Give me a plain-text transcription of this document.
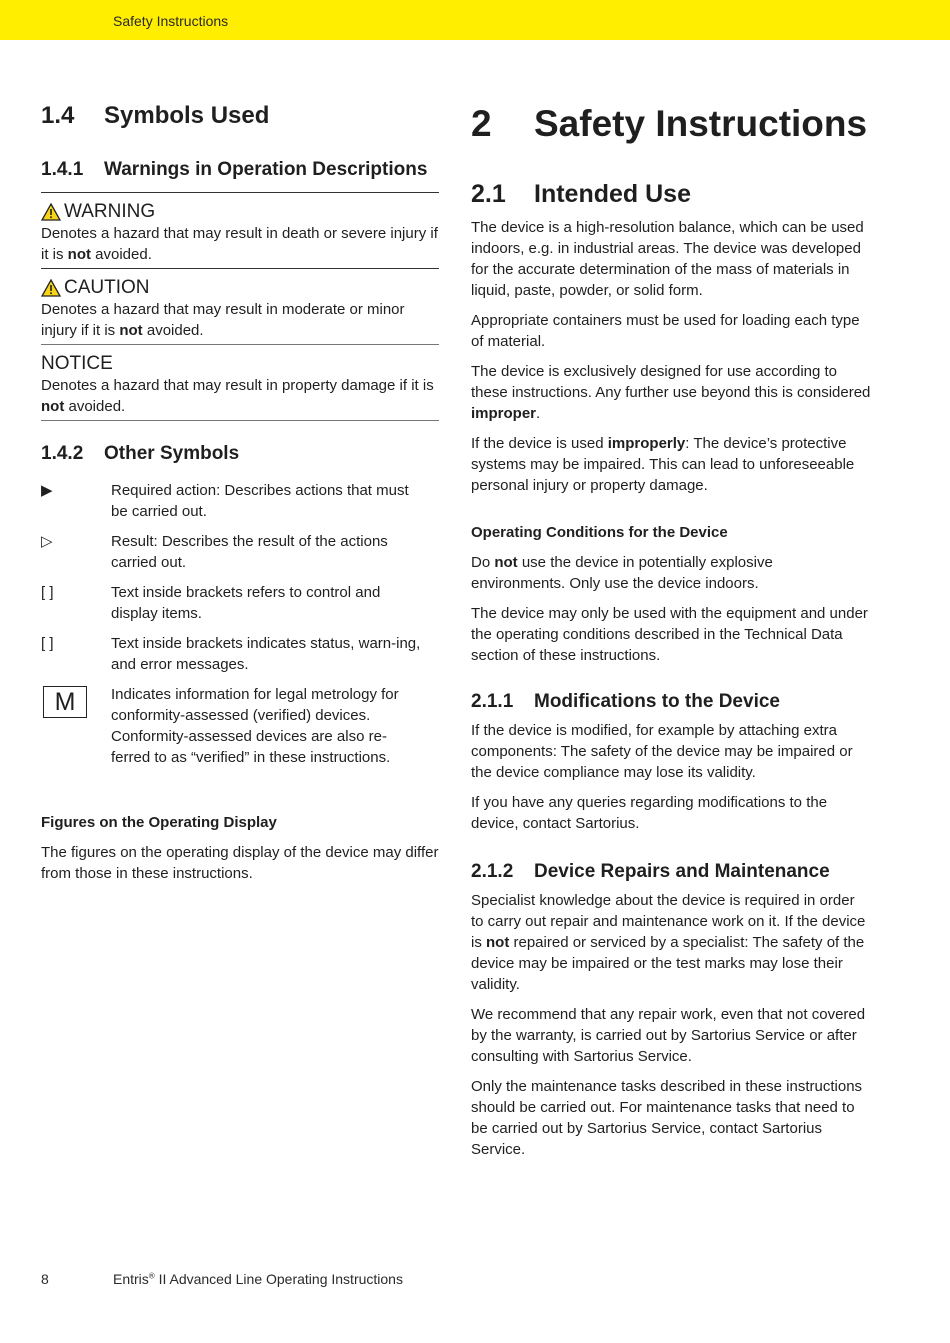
Safety Instructions
1.4 Symbols Used
1.4.1 Warnings in Operation Descriptions
WARNING

Denotes a hazard that may result in death or severe injury if it is not avoided.

CAUTION

Denotes a hazard that may result in moderate or minor injury if it is not avoided.

NOTICE

Denotes a hazard that may result in property damage if it is not avoided.

1.4.2 Other Symbols
▶	Required action: Describes actions that must be carried out.
▷	Result: Describes the result of the actions carried out.
[ ]	Text inside brackets refers to control and display items.
[ ]	Text inside brackets indicates status, warn-ing, and error messages.
M	Indicates information for legal metrology for conformity-assessed (verified) devices. Conformity-assessed devices are also re-ferred to as “verified” in these instructions.

Figures on the Operating Display

The figures on the operating display of the device may differ from those in these instructions.

2 Safety Instructions
2.1 Intended Use

The device is a high-resolution balance, which can be used indoors, e.g. in industrial areas. The device was developed for the accurate determination of the mass of materials in liquid, paste, powder, or solid form.

Appropriate containers must be used for loading each type of material.

The device is exclusively designed for use according to these instructions. Any further use beyond this is considered improper.

If the device is used improperly: The device’s protective systems may be impaired. This can lead to unforeseeable personal injury or property damage.

Operating Conditions for the Device

Do not use the device in potentially explosive environments. Only use the device indoors.

The device may only be used with the equipment and under the operating conditions described in the Technical Data section of these instructions.

2.1.1 Modifications to the Device

If the device is modified, for example by attaching extra components: The safety of the device may be impaired or the device compliance may lose its validity.

If you have any queries regarding modifications to the device, contact Sartorius.

2.1.2 Device Repairs and Maintenance

Specialist knowledge about the device is required in order to carry out repair and maintenance work on it. If the device is not repaired or serviced by a specialist: The safety of the device may be impaired or the test marks may lose their validity.

We recommend that any repair work, even that not covered by the warranty, is carried out by Sartorius Service or after consulting with Sartorius Service.

Only the maintenance tasks described in these instructions should be carried out. For maintenance tasks that need to be carried out by Sartorius Service, contact Sartorius Service.

8	Entris® II Advanced Line Operating Instructions
